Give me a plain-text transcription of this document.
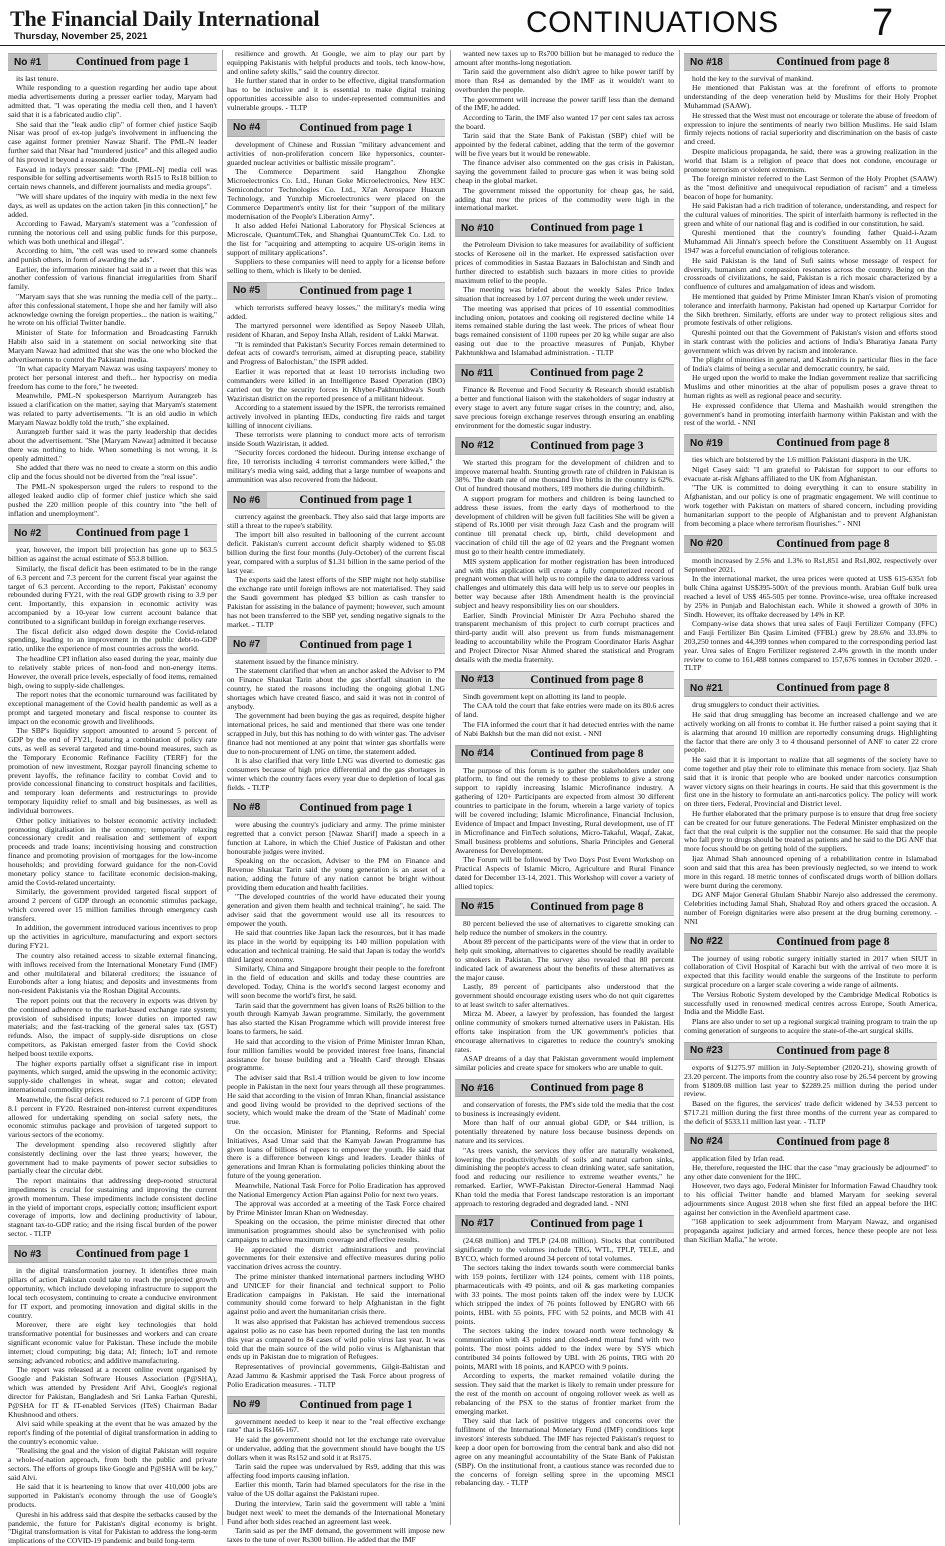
The Financial Daily International
Thursday, November 25, 2021	CONTINUATIONS 7
No #1	Continued from page 1

its last tenure.

While responding to a question regarding her audio tape about media advertisements during a presser earlier today, Maryam had admitted that, "I was operating the media cell then, and I haven't said that it is a fabricated audio clip".

She said that the "leak audio clip" of former chief justice Saqib Nisar was proof of ex-top judge's involvement in influencing the case against former premier Nawaz Sharif. The PML-N leader further said that Nisar had "murdered justice" and this alleged audio of his proved it beyond a reasonable doubt.

Fawad in today's presser said: "The [PML-N] media cell was responsible for selling advertisements worth Rs15 to Rs18 billion to certain news channels, and different journalists and media groups".

"We will share updates of the inquiry with media in the next few days, as well as updates on the action taken [in this connection]," he added.

According to Fawad, Maryam's statement was a "confession of running the notorious cell and using public funds for this purpose, which was both unethical and illegal".

According to him, "the cell was used to reward some channels and punish others, in form of awarding the ads".

Earlier, the information minister had said in a tweet that this was another confession of various financial irregularities from Sharif family.

"Maryam says that she was running the media cell of the party... after this confessional statement, I hope she and her family will also acknowledge owning the foreign properties... the nation is waiting," he wrote on his official Twitter handle.

Minister of State for Information and Broadcasting Farrukh Habib also said in a statement on social networking site that Maryam Nawaz had admitted that she was the one who blocked the advertisements to control the Pakistani media.

"In what capacity Maryam Nawaz was using taxpayers' money to protect her personal interest and theft... her hypocrisy on media freedom has come to the fore," he tweeted.

Meanwhile, PML-N spokesperson Marriyum Aurangzeb has issued a clarification on the matter, saying that Maryam's statement was related to party advertisements. "It is an old audio in which Maryam Nawaz boldly told the truth," she explained.

Aurangzeb further said it was the party leadership that decides about the advertisement. "She [Maryam Nawaz] admitted it because there was nothing to hide. When something is not wrong, it is openly admitted."

She added that there was no need to create a storm on this audio clip and the focus should not be diverted from the "real issue".

The PML-N spokesperson urged the rulers to respond to the alleged leaked audio clip of former chief justice which she said pushed the 220 million people of this country into "the hell of inflation and unemployment".

No #2	Continued from page 1

year, however, the import bill projection has gone up to $63.5 billion as against the actual estimate of $53.8 billion.

Similarly, the fiscal deficit has been estimated to be in the range of 6.3 percent and 7.3 percent for the current fiscal year against the target of 6.3 percent. According to the report, Pakistan' economy rebounded during FY21, with the real GDP growth rising to 3.9 per cent. Importantly, this expansion in economic activity was accompanied by a 10-year low current account balance that contributed to a significant buildup in foreign exchange reserves.

The fiscal deficit also edged down despite the Covid-related spending, leading to an improvement in the public debt-to-GDP ratio, unlike the experience of most countries across the world.

The headline CPI inflation also eased during the year, mainly due to relatively stable prices of non-food and non-energy items. However, the overall price levels, especially of food items, remained high, owing to supply-side challenges.

The report notes that the economic turnaround was facilitated by exceptional management of the Covid health pandemic as well as a prompt and targeted monetary and fiscal response to counter its impact on the economic growth and livelihoods.

The SBP's liquidity support amounted to around 5 percent of GDP by the end of FY21, featuring a combination of policy rate cuts, as well as several targeted and time-bound measures, such as the Temporary Economic Refinance Facility (TERF) for the promotion of new investment, Rozgar payroll financing scheme to prevent layoffs, the refinance facility to combat Covid and to provide concessional financing to construct hospitals and facilities, and temporary loan deferments and restructurings to provide temporary liquidity relief to small and big businesses, as well as individual borrowers.

Other policy initiatives to bolster economic activity included: promoting digitalisation in the economy; temporarily relaxing concessionary credit and realisation and settlement of export proceeds and trade loans; incentivising housing and construction finance and promoting provision of mortgages for the low-income households; and providing forward guidance for the non-Covid monetary policy stance to facilitate economic decision-making, amid the Covid-related uncertainty.

Similarly, the government provided targeted fiscal support of around 2 percent of GDP through an economic stimulus package, which covered over 15 million families through emergency cash transfers.

In addition, the government introduced various incentives to prop up the activities in agriculture, manufacturing and export sectors during FY21.

The country also retained access to sizable external financing, with inflows received from the International Monetary Fund (IMF) and other multilateral and bilateral creditors; the issuance of Eurobonds after a long hiatus; and deposits and investments from non-resident Pakistanis via the Roshan Digital Accounts.

The report points out that the recovery in exports was driven by the continued adherence to the market-based exchange rate system; provision of subsidised inputs; lower duties on imported raw materials; and the fast-tracking of the general sales tax (GST) refunds. Also, the impact of supply-side disruptions on close competitors, as Pakistan emerged faster from the Covid shock helped boost textile exports.

The higher exports partially offset a significant rise in import payments, which surged, amid the upswing in the economic activity; supply-side challenges in wheat, sugar and cotton; elevated international commodity prices.

Meanwhile, the fiscal deficit reduced to 7.1 percent of GDP from 8.1 percent in FY20. Restrained non-interest current expenditures allowed for undertaking spending on social safety nets, the economic stimulus package and provision of targeted support to various sectors of the economy.

The development spending also recovered slightly after consistently declining over the last three years; however, the government had to make payments of power sector subsidies to partially clear the circular debt.

The report maintains that addressing deep-rooted structural impediments is crucial for sustaining and improving the current growth momentum. These impediments include consistent decline in the yield of important crops, especially cotton; insufficient export coverage of imports, low and declining productivity of labour, stagnant tax-to-GDP ratio; and the rising fiscal burden of the power sector. - TLTP

No #3	Continued from page 1

in the digital transformation journey. It identifies three main pillars of action Pakistan could take to reach the projected growth opportunity, which include developing infrastructure to support the local tech ecosystem, continuing to create a conducive environment for IT export, and promoting innovation and digital skills in the country.

Moreover, there are eight key technologies that hold transformative potential for businesses and workers and can create significant economic value for Pakistan. These include the mobile internet; cloud computing; big data; AI; fintech; IoT and remote sensing; advanced robotics; and additive manufacturing.

The report was released at a recent online event organised by Google and Pakistan Software Houses Association (P@SHA), which was attended by President Arif Alvi, Google's regional director for Pakistan, Bangladesh and Sri Lanka Farhan Qureshi, P@SHA for IT & IT-enabled Services (ITeS) Chairman Badar Khushnood and others.

Alvi said while speaking at the event that he was amazed by the report's finding of the potential of digital transformation in adding to the country's economic value.

"Realising the goal and the vision of digital Pakistan will require a whole-of-nation approach, from both the public and private sectors. The efforts of groups like Google and P@SHA will be key," said Alvi.

He said that it is heartening to know that over 410,000 jobs are supported in Pakistan's economy through the use of Google's products.

Qureshi in his address said that despite the setbacks caused by the pandemic, the future for Pakistan's digital economy is bright. "Digital transformation is vital for Pakistan to address the long-term implications of the COVID-19 pandemic and build long-term

resilience and growth. At Google, we aim to play our part by equipping Pakistanis with helpful products and tools, tech know-how, and online safety skills," said the country director.

He further stated that in order to be effective, digital transformation has to be inclusive and it is essential to make digital training opportunities accessible also to under-represented communities and vulnerable groups. - TLTP

No #4	Continued from page 1

development of Chinese and Russian "military advancement and activities of non-proliferation concern like hypersonics, counter-guarded nuclear activities or ballistic missile program".

The Commerce Department said Hangzhou Zhongke Microelectronics Co. Ltd., Hunan Goke Microelectronics, New H3C Semiconductor Technologies Co. Ltd., Xi'an Aerospace Huaxun Technology, and Yunzhip Microelectronics were placed on the Commerce Department's entity list for their "support of the military modernisation of the People's Liberation Army".

It also added Hefei National Laboratory for Physical Sciences at Microscale, QuantumCTek, and Shanghai QuantumCTek Co. Ltd. to the list for "acquiring and attempting to acquire US-origin items in support of military applications".

Suppliers to these companies will need to apply for a license before selling to them, which is likely to be denied.

No #5	Continued from page 1

which terrorists suffered heavy losses," the military's media wing added.

The martyred personnel were identified as Sepoy Naseeb Ullah, resident of Kharan, and Sepoy Insha Allah, resident of Lakki Marwat.

"It is reminded that Pakistan's Security Forces remain determined to defeat acts of coward's terrorism, aimed at disrupting peace, stability and Progress of Balochistan," the ISPR added.

Earlier it was reported that at least 10 terrorists including two commanders were killed in an Intelligence Based Operation (IBO) carried out by the security forces in Khyber-Pakhtunkhwa's South Waziristan district on the reported presence of a militant hideout.

According to a statement issued by the ISPR, the terrorists remained actively involved in planting IEDs, conducting fire raids and target killing of innocent civilians.

These terrorists were planning to conduct more acts of terrorism inside South Waziristan, it added.

"Security forces cordoned the hideout. During intense exchange of fire, 10 terrorists including 4 terrorist commanders were killed," the military's media wing said, adding that a large number of weapons and ammunition was also recovered from the hideout.

No #6	Continued from page 1

currency against the greenback. They also said that large imports are still a threat to the rupee's stability.

The import bill also resulted in ballooning of the current account deficit. Pakistan's current account deficit sharply widened to $5.08 billion during the first four months (July-October) of the current fiscal year, compared with a surplus of $1.31 billion in the same period of the last year.

The experts said the latest efforts of the SBP might not help stabilise the exchange rate until foreign inflows are not materialised. They said the Saudi government has pledged $3 billion as cash transfer to Pakistan for assisting in the balance of payment; however, such amount has not been transferred to the SBP yet, sending negative signals to the market. - TLTP

No #7	Continued from page 1

statement issued by the finance ministry.

The statement clarified that when an anchor asked the Adviser to PM on Finance Shaukat Tarin about the gas shortfall situation in the country, he stated the reasons including the ongoing global LNG shortages which have created fiasco, and said it was not in control of anybody.

The government had been buying the gas as required, despite higher international prices, he said and mentioned that there was one tender scrapped in July, but this has nothing to do with winter gas. The adviser finance had not mentioned at any point that winter gas shortfalls were due to non-procurement of LNG on time, the statement added.

It is also clarified that very little LNG was diverted to domestic gas consumers because of high price differential and the gas shortages in winter which the country faces every year due to depletion of local gas fields. - TLTP

No #8	Continued from page 1

were abusing the country's judiciary and army. The prime minister regretted that a convict person [Nawaz Sharif] made a speech in a function at Lahore, in which the Chief Justice of Pakistan and other honourable judges were invited.

Speaking on the occasion, Adviser to the PM on Finance and Revenue Shaukat Tarin said the young generation is an asset of a nation, adding the future of any nation cannot be bright without providing them education and health facilities.

"The developed countries of the world have educated their young generation and given them health and technical training", he said. The adviser said that the government would use all its resources to empower the youth.

He said that countries like Japan lack the resources, but it has made its place in the world by equipping its 140 million population with education and technical training. He said that Japan is today the world's third largest economy.

Similarly, China and Singapore brought their people to the forefront in the field of education and skills and today these countries are developed. Today, China is the world's second largest economy and will soon become the world's first, he said.

Tarin said that the government has given loans of Rs26 billion to the youth through Kamyab Jawan programme. Similarly, the government has also started the Kisan Programme which will provide interest free loans to farmers, he said.

He said that according to the vision of Prime Minister Imran Khan, four million families would be provided interest free loans, financial assistance for house building and a 'Health Card' through Ehsaas programme.

The adviser said that Rs1.4 trillion would be given to low income people in Pakistan in the next four years through all these programmes. He said that according to the vision of Imran Khan, financial assistance and good living would be provided to the deprived sections of the society, which would make the dream of the 'State of Madinah' come true.

On the occasion, Minister for Planning, Reforms and Special Initiatives, Asad Umar said that the Kamyab Jawan Programme has given loans of billions of rupees to empower the youth. He said that there is a difference between kings and leaders. Leader thinks of generations and Imran Khan is formulating policies thinking about the future of the young generation.

Meanwhile, National Task Force for Polio Eradication has approved the National Emergency Action Plan against Polio for next two years.

The approval was accorded at a meeting of the Task Force chaired by Prime Minister Imran Khan on Wednesday.

Speaking on the occasion, the prime minister directed that other immunisation programmes should also be synchronised with polio campaigns to achieve maximum coverage and effective results.

He appreciated the district administrations and provincial governments for their extensive and effective measures during polio vaccination drives across the country.

The prime minister thanked international partners including WHO and UNICEF for their financial and technical support to Polio Eradication campaigns in Pakistan. He said the international community should come forward to help Afghanistan in the fight against polio and avert the humanitarian crisis there.

It was also apprised that Pakistan has achieved tremendous success against polio as no case has been reported during the last ten months this year as compared to 84 cases of wild polio virus last year. It was told that the main source of the wild polio virus is Afghanistan that ends up in Pakistan due to migration of Refugees.

Representatives of provincial governments, Gilgit-Baltistan and Azad Jammu & Kashmir apprised the Task Force about progress of Polio Eradication measures. - TLTP

No #9	Continued from page 1

government needed to keep it near to the "real effective exchange rate" that is Rs166-167.

He said the government should not let the exchange rate overvalue or undervalue, adding that the government should have bought the US dollars when it was Rs152 and sold it at Rs175.

Tarin said the rupee was undervalued by Rs9, adding that this was affecting food imports causing inflation.

Earlier this month, Tarin had blamed speculators for the rise in the value of the US dollar against the Pakistani rupee.

During the interview, Tarin said the government will table a 'mini budget next week' to meet the demands of the International Monetary Fund after both sides reached an agreement last week.

Tarin said as per the IMF demand, the government will impose new taxes to the tune of over Rs300 billion. He added that the IMF

wanted new taxes up to Rs700 billion but he managed to reduce the amount after months-long negotiation.

Tarin said the government also didn't agree to hike power tariff by more than Rs4 as demanded by the IMF as it wouldn't want to overburden the people.

The government will increase the power tariff less than the demand of the IMF, he added.

According to Tarin, the IMF also wanted 17 per cent sales tax across the board.

Tarin said that the State Bank of Pakistan (SBP) chief will be appointed by the federal cabinet, adding that the term of the governor will be five years but it would be renewable.

The finance adviser also commented on the gas crisis in Pakistan, saying the government failed to procure gas when it was being sold cheap in the global market.

The government missed the opportunity for cheap gas, he said, adding that now the prices of the commodity were high in the international market.

No #10	Continued from page 1

the Petroleum Division to take measures for availability of sufficient stocks of Kerosene oil in the market. He expressed satisfaction over prices of commodities in Sastaa Bazaars in Balochistan and Sindh and further directed to establish such bazaars in more cities to provide maximum relief to the people.

The meeting was briefed about the weekly Sales Price Index situation that increased by 1.07 percent during the week under review.

The meeting was apprised that prices of 10 essential commodities including onion, potatoes and cooking oil registered decline while 14 items remained stable during the last week. The prices of wheat flour bags remained consistent of 1100 rupees per 20 kg while sugar are also easing out due to the proactive measures of Punjab, Khyber Pakhtunkhwa and Islamabad administration. - TLTP

No #11	Continued from page 2

Finance & Revenue and Food Security & Research should establish a better and functional liaison with the stakeholders of sugar industry at every stage to avert any future sugar crises in the country; and, also, save precious foreign exchange reserves through ensuring an enabling environment for the domestic sugar industry.

No #12	Continued from page 3

We started this program for the development of children and to improve maternal health. Stunting growth rate of children in Pakistan is 38%. The death rate of one thousand live births in the country is 62%. Out of hundred thousand mothers, 189 mothers die during childbirth.

A support program for mothers and children is being launched to address these issues, from the early days of motherhood to the development of children will be given full facilities She will be given a stipend of Rs.1000 per visit through Jazz Cash and the program will continue till prenatal check up, birth, child development and vaccination of child till the age of 02 years and the Pregnant women must go to their health centre immediately.

MIS system application for mother registration has been introduced and with this application will create a fully computerized record of pregnant women that will help us to compile the data to address various challenges and ultimately this data will help us to serve our peoples in better way because after 18th Amendment health is the provincial subject and heavy responsibility lies on our shoulders.

Earlier, Sindh Provincial Minister Dr Azra Pechuho shared the transparent mechanism of this project to curb corrupt practices and third-party audit will also prevent us from funds mismanagement leading to accountability while the Program Coordinator Haris Asghar and Project Director Nisar Ahmed shared the statistical and Program details with the media fraternity.

No #13	Continued from page 8

Sindh government kept on allotting its land to people.

The CAA told the court that fake entries were made on its 80.6 acres of land.

The FIA informed the court that it had detected entries with the name of Nabi Bakhsh but the man did not exist. - NNI

No #14	Continued from page 8

The purpose of this forum is to gather the stakeholders under one platform, to find out the remedy to these problems to give a strong support to rapidly increasing Islamic Microfinance industry. A gathering of 120+ Participants are expected from almost 30 different countries to participate in the forum, wherein a large variety of topics will be covered including; Islamic Microfinance, Financial Inclusion, Evidence of Impact and Impact Investing, Rural development, use of IT in Microfinance and FinTech solutions, Micro-Takaful, Waqaf, Zakat, Small business problems and solutions, Sharia Principles and General Awareness for Development.

The Forum will be followed by Two Days Post Event Workshop on Practical Aspects of Islamic Micro, Agriculture and Rural Finance dated for December 13-14, 2021. This Workshop will cover a variety of allied topics.

No #15	Continued from page 8

80 percent believed the use of alternatives to cigarette smoking can help reduce the number of smokers in the country.

About 89 percent of the participants were of the view that in order to help quit smoking, alternatives to cigarettes should be readily available to smokers in Pakistan. The survey also revealed that 80 percent indicated lack of awareness about the benefits of these alternatives as the major cause.

Lastly, 89 percent of participants also understood that the government should encourage existing users who do not quit cigarettes to at least switch to safer alternatives.

Mirza M. Abeer, a lawyer by profession, has founded the largest online community of smokers turned alternative users in Pakistan. His efforts take inspiration from the UK government's policies that encourage alternatives to cigarettes to reduce the country's smoking rates.

ASAP dreams of a day that Pakistan government would implement similar policies and create space for smokers who are unable to quit.

No #16	Continued from page 8

and conservation of forests, the PM's side told the media that the cost to business is increasingly evident.

More than half of our annual global GDP, or $44 trillion, is potentially threatened by nature loss because business depends on nature and its services.

"As trees vanish, the services they offer are naturally weakened, lowering the productivity/health of soils and natural carbon sinks, diminishing the people's access to clean drinking water, safe sanitation, food and reducing our resilience to extreme weather events," he remarked. Earlier, WWF-Pakistan Director-General Hammad Naqi Khan told the media that Forest landscape restoration is an important approach to restoring degraded and degraded land. - NNI

No #17	Continued from page 1

(24.68 million) and TPLP (24.08 million). Stocks that contributed significantly to the volumes include TRG, WTL, TPLP, TELE, and BYCO, which formed around 34 percent of total volumes.

The sectors taking the index towards south were commercial banks with 159 points, fertilizer with 124 points, cement with 118 points, pharmaceuticals with 49 points, and oil & gas marketing companies with 33 points. The most points taken off the index were by LUCK which stripped the index of 76 points followed by ENGRO with 66 points, HBL with 55 points, FFC with 52 points, and MCB with 41 points.

The sectors taking the index toward north were technology & communication with 43 points and closed-end mutual fund with two points. The most points added to the index were by SYS which contributed 34 points followed by UBL with 26 points, TRG with 20 points, MARI with 18 points, and KAPCO with 9 points.

According to experts, the market remained volatile during the session. They said that the market is likely to remain under pressure for the rest of the month on account of ongoing rollover week as well as rebalancing of the PSX to the status of frontier market from the emerging market.

They said that lack of positive triggers and concerns over the fulfilment of the International Monetary Fund (IMF) conditions kept investors' interests subdued. The IMF has rejected Pakistan's request to keep a door open for borrowing from the central bank and also did not agree on any meaningful accountability of the State Bank of Pakistan (SBP). On the institutional front, a cautious stance was recorded due to the concerns of foreign selling spree in the upcoming MSCI rebalancing day. - TLTP

No #18	Continued from page 8

hold the key to the survival of mankind.

He mentioned that Pakistan was at the forefront of efforts to promote understanding of the deep veneration held by Muslims for their Holy Prophet Muhammad (SAAW).

He stressed that the West must not encourage or tolerate the abuse of freedom of expression to injure the sentiments of nearly two billion Muslims. He said Islam firmly rejects notions of racial superiority and discrimination on the basis of caste and creed.

Despite malicious propaganda, he said, there was a growing realization in the world that Islam is a religion of peace that does not condone, encourage or promote terrorism or violent extremism.

The foreign minister referred to the Last Sermon of the Holy Prophet (SAAW) as the "most definitive and unequivocal repudiation of racism" and a timeless beacon of hope for humanity.

He said Pakistan had a rich tradition of tolerance, understanding, and respect for the cultural values of minorities. The spirit of interfaith harmony is reflected in the green and white of our national flag and is codified in our constitution, he said.

Qureshi mentioned that the country's founding father Quaid-i-Azam Muhammad Ali Jinnah's speech before the Constituent Assembly on 11 August 1947 was a forceful enunciation of religious tolerance.

He said Pakistan is the land of Sufi saints whose message of respect for diversity, humanism and compassion resonates across the country. Being on the crossroads of civilizations, he said, Pakistan is a rich mosaic characterized by a confluence of cultures and amalgamation of ideas and wisdom.

He mentioned that guided by Prime Minister Imran Khan's vision of promoting tolerance and interfaith harmony, Pakistan had opened up Kartarpur Corridor for the Sikh brethren. Similarly, efforts are under way to protect religious sites and promote festivals of other religions.

Qureshi pointed out that the Government of Pakistan's vision and efforts stood in stark contrast with the policies and actions of India's Bharatiya Janata Party government which was driven by racism and intolerance.

The plight of minorities in general, and Kashmiris in particular flies in the face of India's claims of being a secular and democratic country, he said.

He urged upon the world to make the Indian government realize that sacrificing Muslims and other minorities at the altar of populism poses a grave threat to human rights as well as regional peace and security.

He expressed confidence that Ulema and Mashaikh would strengthen the government's hand in promoting interfaith harmony within Pakistan and with the rest of the world. - NNI

No #19	Continued from page 8

ties which are bolstered by the 1.6 million Pakistani diaspora in the UK.

Nigel Casey said: "I am grateful to Pakistan for support to our efforts to evacuate at-risk Afghans affiliated to the UK from Afghanistan.

"The UK is committed to doing everything it can to ensure stability in Afghanistan, and our policy is one of pragmatic engagement. We will continue to work together with Pakistan on matters of shared concern, including providing humanitarian support to the people of Afghanistan and to prevent Afghanistan from becoming a place where terrorism flourishes." - NNI

No #20	Continued from page 8

month increased by 2.5% and 1.3% to Rs1,851 and Rs1,802, respectively over September 2021.

In the international market, the urea prices were quoted at US$ 615-635/t fob bulk China against US$395-500/t of the previous month. Arabian Gulf bulk urea reached a level of US$ 465-505 per tonne. Province-wise, urea offtake increased by 25% in Punjab and Balochistan each. While it showed a growth of 30% in Sindh. However, its offtake decreased by 14% in KP.

Company-wise data shows that urea sales of Fauji Fertilizer Company (FFC) and Fauji Fertilizer Bin Qasim Limited (FFBL) grew by 28.6% and 33.8% to 203,250 tonnes and 44,399 tonnes when compared to the corresponding period last year. Urea sales of Engro Fertilizer registered 2.4% growth in the month under review to come to 161,488 tonnes compared to 157,676 tonnes in October 2020. - TLTP

No #21	Continued from page 8

drug smugglers to conduct their activities.

He said that drug smuggling has become an increased challenge and we are actively working on all fronts to combat it. He further raised a point saying that it is alarming that around 10 million are reportedly consuming drugs. Highlighting the factor that there are only 3 to 4 thousand personnel of ANF to cater 22 crore people.

He said that it is important to realize that all segments of the society have to come together and play their role to eliminate this menace from society. Ijaz Shah said that it is ironic that people who are booked under narcotics consumption waver victory signs on their hearings in courts. He said that this government is the first one in the history to formulate an anti-narcotics policy. The policy will work on three tiers, Federal, Provincial and District level.

He further elaborated that the primary purpose is to ensure that drug free society can be created for our future generations. The Federal Minister emphasized on the fact that the real culprit is the supplier not the consumer. He said that the people who fall prey to drugs should be treated as patients and he said to the DG ANF that more focus should be on getting hold of the suppliers.

Ijaz Ahmad Shah announced opening of a rehabilitation centre in Islamabad soon and said that this area has been previously neglected, so we intend to work more in this regard. 18 metric tonnes of confiscated drugs worth of billion dollars were burnt during the ceremony.

DG ANF Major General Ghulam Shabbir Narejo also addressed the ceremony. Celebrities including Jamal Shah, Shahzad Roy and others graced the occasion. A number of Foreign dignitaries were also present at the drug burning ceremony. - NNI

No #22	Continued from page 8

The journey of using robotic surgery initially started in 2017 when SIUT in collaboration of Civil Hospital of Karachi but with the arrival of two more it is expected that this facility would enable the surgeons of the Institute to perform surgical procedure on a larger scale covering a wide range of ailments.

The Versius Robotic System developed by the Cambridge Medical Robotics is successfully used in renowned medical centres across Europe, South America, India and the Middle East.

Plans are also under to set up a regional surgical training program to train the up coming generation of surgeons to acquire the state-of-the-art surgical skills.

No #23	Continued from page 8

exports of $1275.97 million in July-September (2020-21), showing growth of 23.20 percent. The imports from the country also rose by 26.54 percent by growing from $1809.08 million last year to $2289.25 million during the period under review.

Based on the figures, the services' trade deficit widened by 34.53 percent to $717.21 million during the first three months of the current year as compared to the deficit of $533.11 million last year. - TLTP

No #24	Continued from page 8

application filed by Irfan read.

He, therefore, requested the IHC that the case "may graciously be adjourned" to any other date convenient for the IHC.

However, two days ago, Federal Minister for Information Fawad Chaudhry took to his official Twitter handle and blamed Maryam for seeking several adjournments since August 2018 when she first filed an appeal before the IHC against her conviction in the Avenfield apartment case.

"168 application to seek adjournment from Maryam Nawaz, and organised propaganda against judiciary and armed forces, hence these people are not less than Sicilian Mafia," he wrote.
